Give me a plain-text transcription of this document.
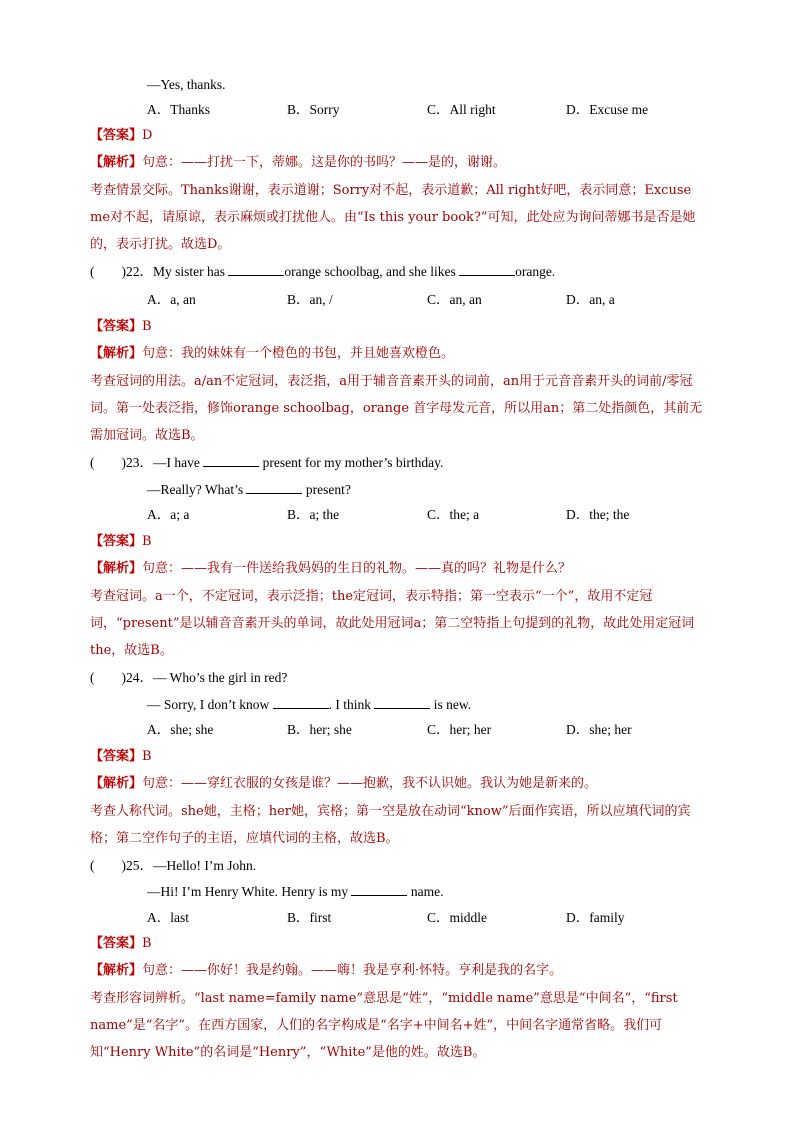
—Yes, thanks.
A．Thanks	B．Sorry	C．All right	D．Excuse me
【答案】D
【解析】句意：——打扰一下，蒂娜。这是你的书吗？——是的，谢谢。
考查情景交际。Thanks谢谢，表示道谢；Sorry对不起，表示道歉；All right好吧，表示同意；Excuse me对不起，请原谅，表示麻烦或打扰他人。由“Is this your book?”可知，此处应为询问蒂娜书是否是她的，表示打扰。故选D。
(　　)22．My sister has	orange schoolbag, and she likes	orange.
A．a, an	B．an, /	C．an, an	D．an, a
【答案】B
【解析】句意：我的妹妹有一个橙色的书包，并且她喜欢橙色。
考查冠词的用法。a/an不定冠词，表泛指，a用于辅音音素开头的词前，an用于元音音素开头的词前/零冠词。第一处表泛指，修饰orange schoolbag，orange 首字母发元音，所以用an；第二处指颜色，其前无需加冠词。故选B。
(　　)23．—I have	present for my mother’s birthday.
—Really? What’s	present?
A．a; a	B．a; the	C．the; a	D．the; the
【答案】B
【解析】句意：——我有一件送给我妈妈的生日的礼物。——真的吗？礼物是什么？
考查冠词。a一个，不定冠词，表示泛指；the定冠词，表示特指；第一空表示“一个”，故用不定冠词，“present”是以辅音音素开头的单词，故此处用冠词a；第二空特指上句提到的礼物，故此处用定冠词the，故选B。
(　　)24．— Who’s the girl in red?
— Sorry, I don’t know	. I think	is new.
A．she; she	B．her; she	C．her; her	D．she; her
【答案】B
【解析】句意：——穿红衣服的女孩是谁？——抱歉，我不认识她。我认为她是新来的。
考查人称代词。she她，主格；her她，宾格；第一空是放在动词“know”后面作宾语，所以应填代词的宾格；第二空作句子的主语，应填代词的主格，故选B。
(　　)25．—Hello! I’m John.
—Hi! I’m Henry White. Henry is my	name.
A．last	B．first	C．middle	D．family
【答案】B
【解析】句意：——你好！我是约翰。——嗨！我是亨利·怀特。亨利是我的名字。
考查形容词辨析。“last name=family name”意思是“姓”，“middle name”意思是“中间名”，“first name”是“名字”。在西方国家，人们的名字构成是“名字+中间名+姓”，中间名字通常省略。我们可知“Henry White”的名词是“Henry”，“White”是他的姓。故选B。
